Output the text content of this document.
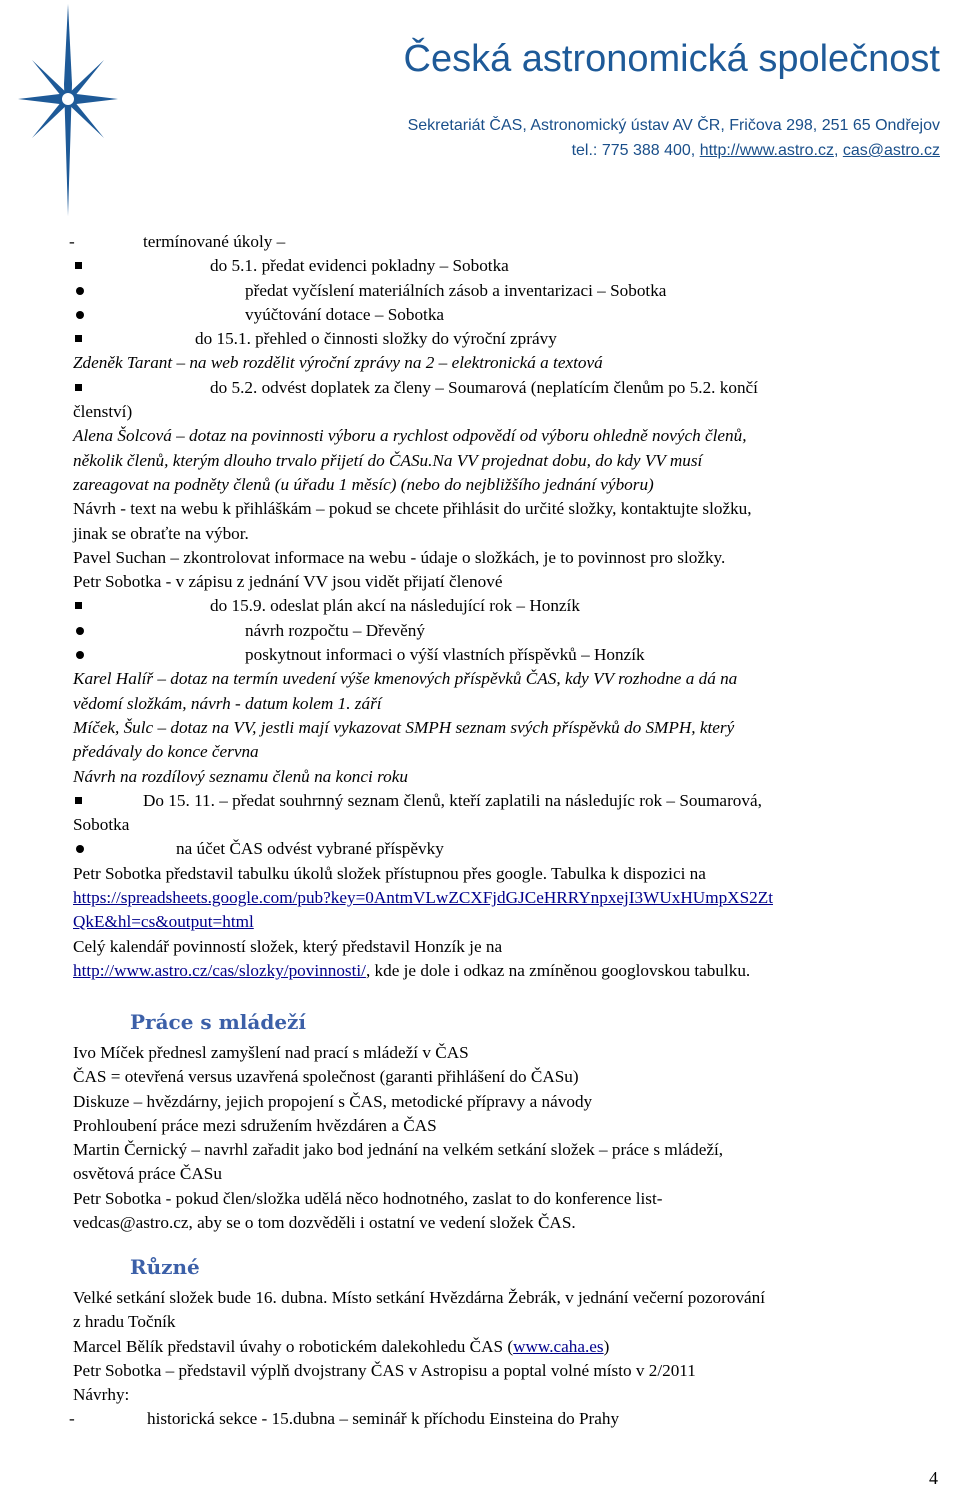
Česká astronomická společnost
Sekretariát ČAS, Astronomický ústav AV ČR, Fričova 298, 251 65 Ondřejov
tel.: 775 388 400, http://www.astro.cz, cas@astro.cz
-	termínované úkoly –
do 5.1. předat evidenci pokladny – Sobotka
předat vyčíslení materiálních zásob a inventarizaci – Sobotka
vyúčtování dotace – Sobotka
do 15.1. přehled o činnosti složky do výroční zprávy
Zdeněk Tarant – na web rozdělit výroční zprávy na 2 – elektronická a textová
do 5.2. odvést doplatek za členy – Soumarová (neplatícím členům po 5.2. končí
členství)
Alena Šolcová – dotaz na povinnosti výboru a rychlost odpovědí od výboru ohledně nových členů,
několik členů, kterým dlouho trvalo přijetí do ČASu.Na VV projednat dobu, do kdy VV musí
zareagovat na podněty členů (u úřadu 1 měsíc) (nebo do nejbližšího jednání výboru)
Návrh - text na webu k přihláškám – pokud se chcete přihlásit do určité složky, kontaktujte složku,
jinak se obraťte na výbor.
Pavel Suchan – zkontrolovat informace na webu - údaje o složkách, je to povinnost pro složky.
Petr Sobotka - v zápisu z jednání VV jsou vidět přijatí členové
do 15.9. odeslat plán akcí na následující rok – Honzík
návrh rozpočtu – Dřevěný
poskytnout informaci o výší vlastních příspěvků – Honzík
Karel Halíř – dotaz na termín uvedení výše kmenových příspěvků ČAS, kdy VV rozhodne a dá na
vědomí složkám, návrh - datum kolem 1. září
Míček, Šulc – dotaz na VV, jestli mají vykazovat SMPH seznam svých příspěvků do SMPH, který
předávaly do konce června
Návrh na rozdílový seznamu členů na konci roku
Do 15. 11. – předat souhrnný seznam členů, kteří zaplatili na následujíc rok – Soumarová,
Sobotka
na účet ČAS odvést vybrané příspěvky
Petr Sobotka představil tabulku úkolů složek přístupnou přes google. Tabulka k dispozici na
https://spreadsheets.google.com/pub?key=0AntmVLwZCXFjdGJCeHRRYnpxejI3WUxHUmpXS2Zt
QkE&hl=cs&output=html
Celý kalendář povinností složek, který představil Honzík je na
http://www.astro.cz/cas/slozky/povinnosti/, kde je dole i odkaz na zmíněnou googlovskou tabulku.
Práce s mládeží
Ivo Míček přednesl zamyšlení nad prací s mládeží v ČAS
ČAS = otevřená versus uzavřená společnost (garanti přihlášení do ČASu)
Diskuze – hvězdárny, jejich propojení s ČAS, metodické přípravy a návody
Prohloubení práce mezi sdružením hvězdáren a ČAS
Martin Černický – navrhl zařadit jako bod jednání na velkém setkání složek – práce s mládeží,
osvětová práce ČASu
Petr Sobotka - pokud člen/složka udělá něco hodnotného, zaslat to do konference list-
vedcas@astro.cz, aby se o tom dozvěděli i ostatní ve vedení složek ČAS.
Různé
Velké setkání složek bude 16. dubna. Místo setkání Hvězdárna Žebrák, v jednání večerní pozorování
z hradu Točník
Marcel Bělík představil úvahy o robotickém dalekohledu ČAS (www.caha.es)
Petr Sobotka – představil výplň dvojstrany ČAS v Astropisu a poptal volné místo v 2/2011
Návrhy:
-	historická sekce - 15.dubna – seminář k příchodu Einsteina do Prahy
4
